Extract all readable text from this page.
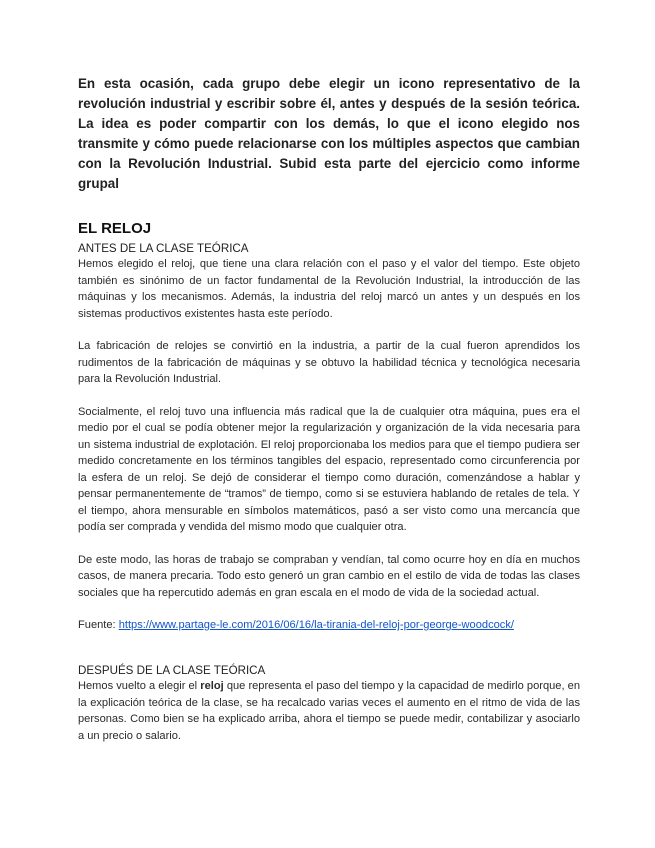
En esta ocasión, cada grupo debe elegir un icono representativo de la revolución industrial y escribir sobre él, antes y después de la sesión teórica. La idea es poder compartir con los demás, lo que el icono elegido nos transmite y cómo puede relacionarse con los múltiples aspectos que cambian con la Revolución Industrial. Subid esta parte del ejercicio como informe grupal

EL RELOJ
ANTES DE LA CLASE TEÓRICA

Hemos elegido el reloj, que tiene una clara relación con el paso y el valor del tiempo. Este objeto también es sinónimo de un factor fundamental de la Revolución Industrial, la introducción de las máquinas y los mecanismos. Además, la industria del reloj marcó un antes y un después en los sistemas productivos existentes hasta este período.

La fabricación de relojes se convirtió en la industria, a partir de la cual fueron aprendidos los rudimentos de la fabricación de máquinas y se obtuvo la habilidad técnica y tecnológica necesaria para la Revolución Industrial.

Socialmente, el reloj tuvo una influencia más radical que la de cualquier otra máquina, pues era el medio por el cual se podía obtener mejor la regularización y organización de la vida necesaria para un sistema industrial de explotación. El reloj proporcionaba los medios para que el tiempo pudiera ser medido concretamente en los términos tangibles del espacio, representado como circunferencia por la esfera de un reloj. Se dejó de considerar el tiempo como duración, comenzándose a hablar y pensar permanentemente de “tramos” de tiempo, como si se estuviera hablando de retales de tela. Y el tiempo, ahora mensurable en símbolos matemáticos, pasó a ser visto como una mercancía que podía ser comprada y vendida del mismo modo que cualquier otra.

De este modo, las horas de trabajo se compraban y vendían, tal como ocurre hoy en día en muchos casos, de manera precaria. Todo esto generó un gran cambio en el estilo de vida de todas las clases sociales que ha repercutido además en gran escala en el modo de vida de la sociedad actual.

Fuente: https://www.partage-le.com/2016/06/16/la-tirania-del-reloj-por-george-woodcock/

DESPUÉS DE LA CLASE TEÓRICA

Hemos vuelto a elegir el reloj que representa el paso del tiempo y la capacidad de medirlo porque, en la explicación teórica de la clase, se ha recalcado varias veces el aumento en el ritmo de vida de las personas. Como bien se ha explicado arriba, ahora el tiempo se puede medir, contabilizar y asociarlo a un precio o salario.
